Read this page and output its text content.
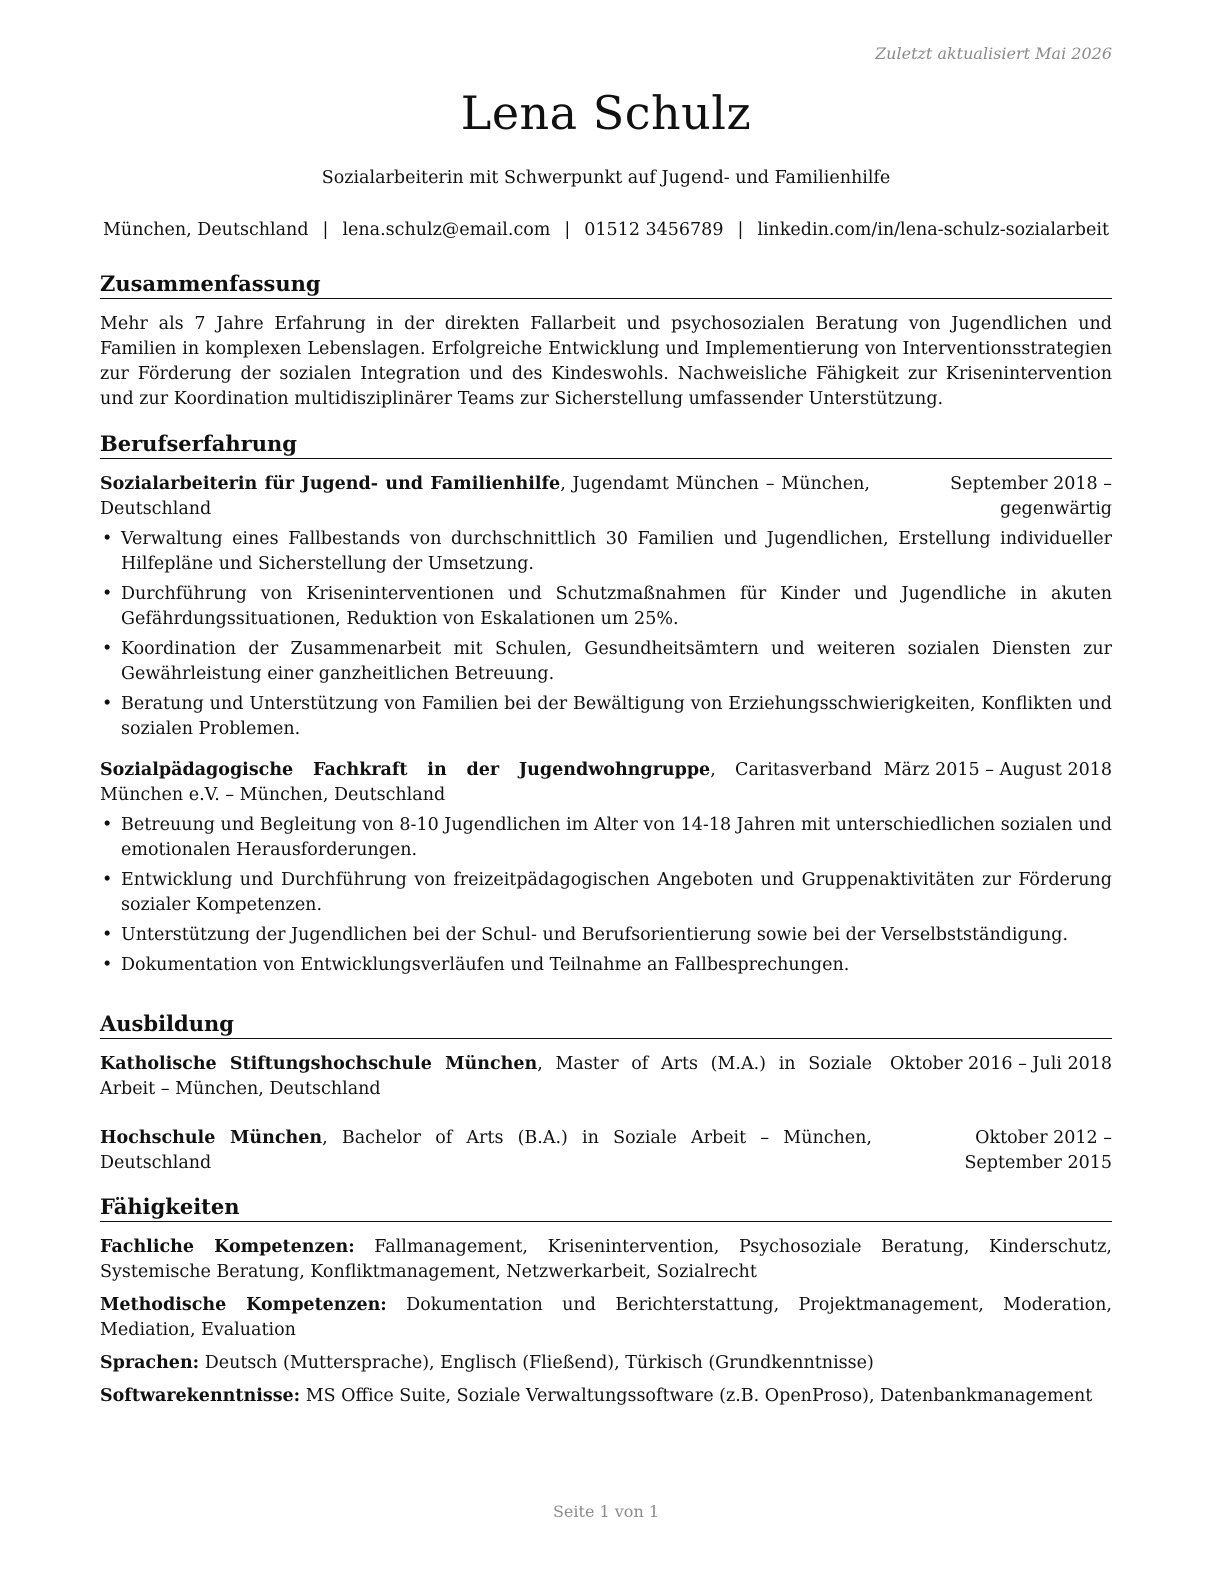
Zuletzt aktualisiert Mai 2026
Lena Schulz
Sozialarbeiterin mit Schwerpunkt auf Jugend- und Familienhilfe
München, Deutschland | lena.schulz@email.com | 01512 3456789 | linkedin.com/in/lena-schulz-sozialarbeit
Zusammenfassung

Mehr als 7 Jahre Erfahrung in der direkten Fallarbeit und psychosozialen Beratung von Jugendlichen und Familien in komplexen Lebenslagen. Erfolgreiche Entwicklung und Implementierung von Interventionsstrategien zur Förderung der sozialen Integration und des Kindeswohls. Nachweisliche Fähigkeit zur Krisenintervention und zur Koordination multidisziplinärer Teams zur Sicherstellung umfassender Unterstützung.

Berufserfahrung
Sozialarbeiterin für Jugend- und Familienhilfe, Jugendamt München – München, Deutschland
September 2018 – gegenwärtig
• Verwaltung eines Fallbestands von durchschnittlich 30 Familien und Jugendlichen, Erstellung individueller Hilfepläne und Sicherstellung der Umsetzung.
• Durchführung von Kriseninterventionen und Schutzmaßnahmen für Kinder und Jugendliche in akuten Gefährdungssituationen, Reduktion von Eskalationen um 25%.
• Koordination der Zusammenarbeit mit Schulen, Gesundheitsämtern und weiteren sozialen Diensten zur Gewährleistung einer ganzheitlichen Betreuung.
• Beratung und Unterstützung von Familien bei der Bewältigung von Erziehungsschwierigkeiten, Konflikten und sozialen Problemen.
Sozialpädagogische Fachkraft in der Jugendwohngruppe, Caritasverband München e.V. – München, Deutschland
März 2015 – August 2018
• Betreuung und Begleitung von 8-10 Jugendlichen im Alter von 14-18 Jahren mit unterschiedlichen sozialen und emotionalen Herausforderungen.
• Entwicklung und Durchführung von freizeitpädagogischen Angeboten und Gruppenaktivitäten zur Förderung sozialer Kompetenzen.
• Unterstützung der Jugendlichen bei der Schul- und Berufsorientierung sowie bei der Verselbstständigung.
• Dokumentation von Entwicklungsverläufen und Teilnahme an Fallbesprechungen.
Ausbildung
Katholische Stiftungshochschule München, Master of Arts (M.A.) in Soziale Arbeit – München, Deutschland
Oktober 2016 – Juli 2018
Hochschule München, Bachelor of Arts (B.A.) in Soziale Arbeit – München, Deutschland
Oktober 2012 – September 2015
Fähigkeiten
Fachliche Kompetenzen: Fallmanagement, Krisenintervention, Psychosoziale Beratung, Kinderschutz, Systemische Beratung, Konfliktmanagement, Netzwerkarbeit, Sozialrecht
Methodische Kompetenzen: Dokumentation und Berichterstattung, Projektmanagement, Moderation, Mediation, Evaluation
Sprachen: Deutsch (Muttersprache), Englisch (Fließend), Türkisch (Grundkenntnisse)
Softwarekenntnisse: MS Office Suite, Soziale Verwaltungssoftware (z.B. OpenProso), Datenbankmanagement
Seite 1 von 1
